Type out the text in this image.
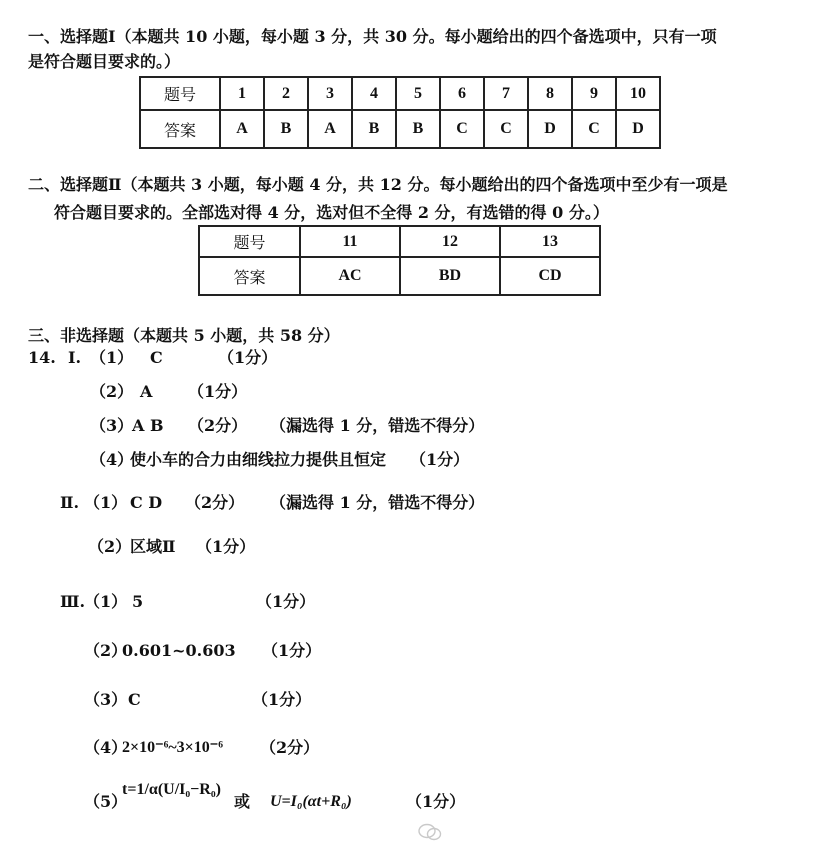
一、选择题Ⅰ（本题共 10 小题，每小题 3 分，共 30 分。每小题给出的四个备选项中，只有一项
是符合题目要求的。）
题号	1	2	3	4	5	6	7	8	9	10
答案	A	B	A	B	B	C	C	D	C	D
二、选择题Ⅱ（本题共 3 小题，每小题 4 分，共 12 分。每小题给出的四个备选项中至少有一项是
符合题目要求的。全部选对得 4 分，选对但不全得 2 分，有选错的得 0 分。）
题号	11	12	13
答案	AC	BD	CD
三、非选择题（本题共 5 小题，共 58 分）
14. Ⅰ. （1） C	（1分）
（2） A （1分）
（3）
A B （2分） （漏选得 1 分，错选不得分）
（4）
使小车的合力由细线拉力提供且恒定 （1分）
Ⅱ. （1） C D （2分） （漏选得 1 分，错选不得分）
（2）
区域Ⅱ （1分）
Ⅲ.
（1） 5	（1分）
（2）
0.601~0.603 （1分）
（3） C	（1分）
（4）
2×10⁻⁶~3×10⁻⁶ （2分）
（5）
t=1/α(U/I₀−R₀)
或 U=I₀(αt+R₀)	（1分）
